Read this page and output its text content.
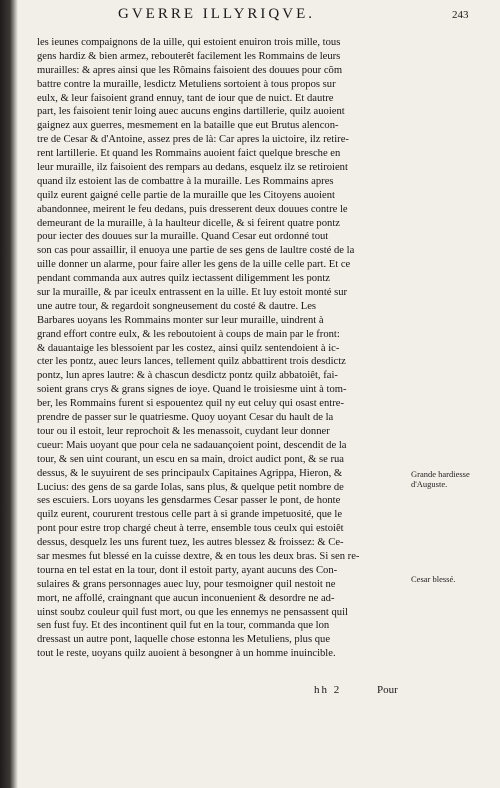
GVERRE ILLYRIQVE.	243
les ieunes compaignons de la uille, qui estoient enuiron trois mille, tous
gens hardiz & bien armez, rebouterêt facilement les Rommains de leurs
murailles: & apres ainsi que les Rõmains faisoient des douues pour cõm
battre contre la muraille, lesdictz Metuliens sortoient à tous propos sur
eulx, & leur faisoient grand ennuy, tant de iour que de nuict. Et dautre
part, les faisoient tenir loing auec aucuns engins dartillerie, quilz auoient
gaignez aux guerres, mesmement en la bataille que eut Brutus alencon-
tre de Cesar & d'Antoine, assez pres de là: Car apres la uictoire, ilz retire-
rent lartillerie. Et quand les Rommains auoient faict quelque bresche en
leur muraille, ilz faisoient des rempars au dedans, esquelz ilz se retiroient
quand ilz estoient las de combattre à la muraille. Les Rommains apres
quilz eurent gaigné celle partie de la muraille que les Citoyens auoient
abandonnee, meirent le feu dedans, puis dresserent deux douues contre le
demeurant de la muraille, à la haulteur dicelle, & si feirent quatre pontz
pour iecter des douues sur la muraille. Quand Cesar eut ordonné tout
son cas pour assaillir, il enuoya une partie de ses gens de laultre costé de la
uille donner un alarme, pour faire aller les gens de la uille celle part. Et ce
pendant commanda aux autres quilz iectassent diligemment les pontz
sur la muraille, & par iceulx entrassent en la uille. Et luy estoit monté sur
une autre tour, & regardoit songneusement du costé & dautre. Les
Barbares uoyans les Rommains monter sur leur muraille, uindrent à
grand effort contre eulx, & les reboutoient à coups de main par le front:
& dauantaige les blessoient par les costez, ainsi quilz sentendoient à ic-
cter les pontz, auec leurs lances, tellement quilz abbattirent trois desdictz
pontz, lun apres lautre: & à chascun desdictz pontz quilz abbatoiêt, fai-
soient grans crys & grans signes de ioye. Quand le troisiesme uint à tom-
ber, les Rommains furent si espouentez quil ny eut celuy qui osast entre-
prendre de passer sur le quatriesme. Quoy uoyant Cesar du hault de la
tour ou il estoit, leur reprochoit & les menassoit, cuydant leur donner
cueur: Mais uoyant que pour cela ne sadauançoient point, descendit de la
tour, & sen uint courant, un escu en sa main, droict audict pont, & se rua
dessus, & le suyuirent de ses principaulx Capitaines Agrippa, Hieron, &
Lucius: des gens de sa garde Iolas, sans plus, & quelque petit nombre de
ses escuiers. Lors uoyans les gensdarmes Cesar passer le pont, de honte
quilz eurent, coururent trestous celle part à si grande impetuosité, que le
pont pour estre trop chargé cheut à terre, ensemble tous ceulx qui estoiêt
dessus, desquelz les uns furent tuez, les autres blessez & froissez: & Ce-
sar mesmes fut blessé en la cuisse dextre, & en tous les deux bras. Si sen re-
tourna en tel estat en la tour, dont il estoit party, ayant aucuns des Con-
sulaires & grans personnages auec luy, pour tesmoigner quil nestoit ne
mort, ne affollé, craingnant que aucun inconuenient & desordre ne ad-
uinst soubz couleur quil fust mort, ou que les ennemys ne pensassent quil
sen fust fuy. Et des incontinent quil fut en la tour, commanda que lon
dressast un autre pont, laquelle chose estonna les Metuliens, plus que
tout le reste, uoyans quilz auoient à besongner à un homme inuincible.
Grande hardiesse d'Auguste.
Cesar blessé.
hh 2	Pour
